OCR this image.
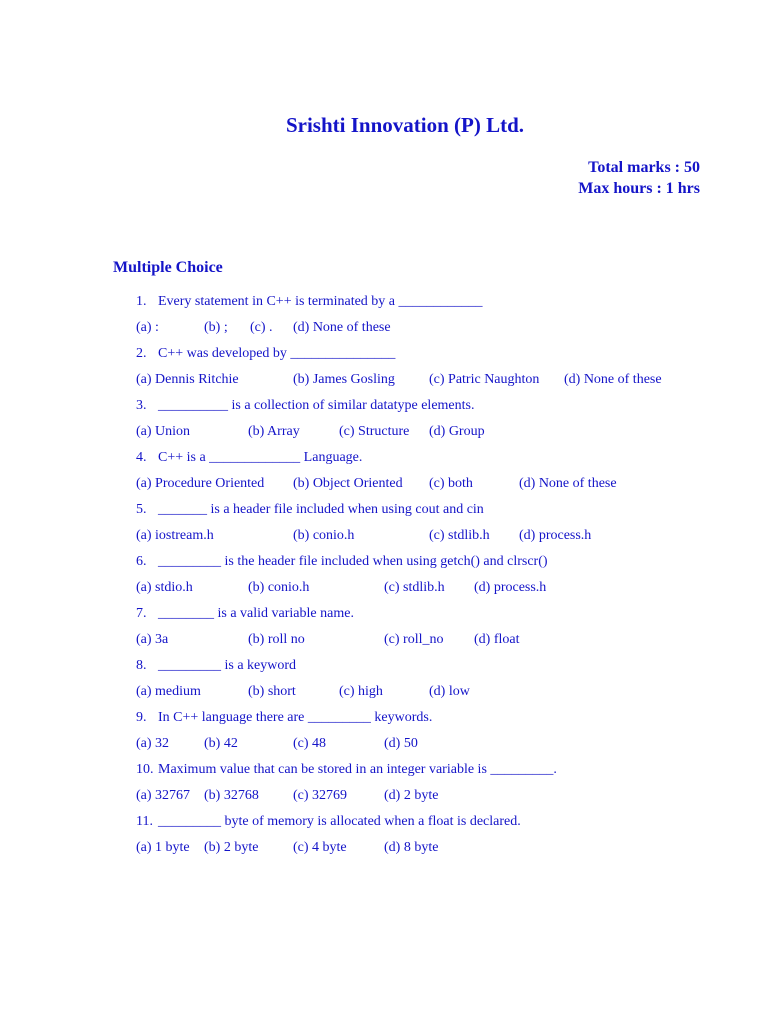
Srishti Innovation (P) Ltd.
Total marks : 50
Max hours : 1 hrs
Multiple Choice
1. Every statement in C++ is terminated by a ____________
(a) :	(b) ; (c) . (d) None of these
2. C++ was developed by _______________
(a) Dennis Ritchie	(b) James Gosling (c) Patric Naughton (d) None of these
3. __________ is a collection of similar datatype elements.
(a) Union	(b) Array	(c) Structure (d) Group
4. C++ is a _____________ Language.
(a) Procedure Oriented (b) Object Oriented (c) both	(d) None of these
5. _______ is a header file included when using cout and cin
(a) iostream.h	(b) conio.h	(c) stdlib.h (d) process.h
6. _________ is the header file included when using getch() and clrscr()
(a) stdio.h	(b) conio.h	(c) stdlib.h (d) process.h
7. ________ is a valid variable name.
(a) 3a	(b) roll no	(c) roll_no (d) float
8. _________ is a keyword
(a) medium	(b) short	(c) high	(d) low
9. In C++ language there are _________ keywords.
(a) 32 (b) 42	(c) 48	(d) 50
10. Maximum value that can be stored in an integer variable is _________.
(a) 32767 (b) 32768 (c) 32769	(d) 2 byte
11. _________ byte of memory is allocated when a float is declared.
(a) 1 byte (b) 2 byte (c) 4 byte	(d) 8 byte
